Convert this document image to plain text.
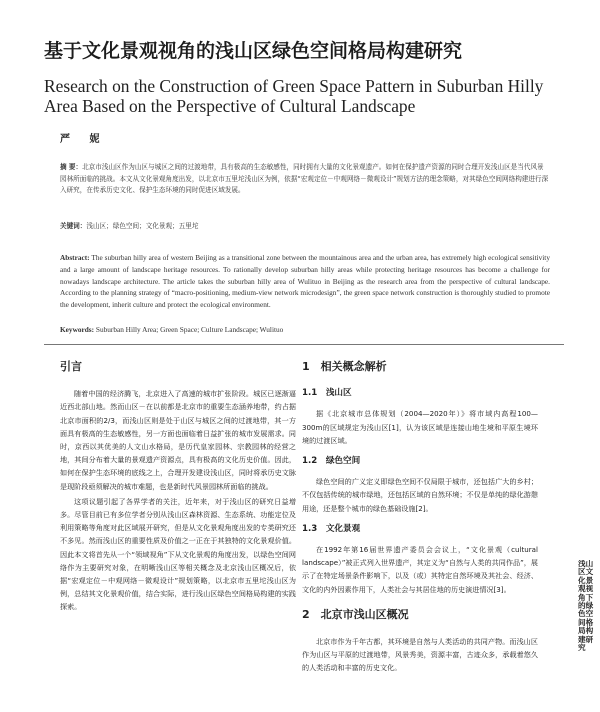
基于文化景观视角的浅山区绿色空间格局构建研究
Research on the Construction of Green Space Pattern in Suburban Hilly Area Based on the Perspective of Cultural Landscape
严 妮
摘 要：北京市浅山区作为山区与城区之间的过渡地带，具有极高的生态敏感性，同时拥有大量的文化景观遗产。如何在保护遗产资源的同时合理开发浅山区是当代风景园林所面临的挑战。本文从文化景观角度出发，以北京市五里坨浅山区为例，依据“宏观定位－中观网络－微观设计”规划方法的理念策略，对其绿色空间网络构建进行深入研究，在传承历史文化、保护生态环境的同时促进区域发展。
关键词：浅山区；绿色空间；文化景观；五里坨
Abstract: The suburban hilly area of western Beijing as a transitional zone between the mountainous area and the urban area, has extremely high ecological sensitivity and a large amount of landscape heritage resources. To rationally develop suburban hilly areas while protecting heritage resources has become a challenge for nowadays landscape architecture. The article takes the suburban hilly area of Wulituo in Beijing as the research area from the perspective of cultural landscape. According to the planning strategy of “macro-positioning, medium-view network microdesign”, the green space network construction is thoroughly studied to promote the development, inherit culture and protect the ecological environment.
Keywords: Suburban Hilly Area; Green Space; Culture Landscape; Wulituo
引言

随着中国的经济腾飞，北京进入了高速的城市扩张阶段。城区已逐渐逼近西北部山地。然而山区－在以前都是北京市的重要生态涵养地带，约占据北京市面积的2/3，而浅山区则是处于山区与城区之间的过渡地带，其一方面具有极高的生态敏感性，另一方面也面临着日益扩张的城市发展需求。同时，京西以其优美的人文山水格局，是历代皇家园林、宗教园林的经营之地，其间分布着大量的景观遗产资源点，具有极高的文化历史价值。因此，如何在保护生态环境的底线之上，合理开发建设浅山区，同时将承历史文脉是现阶段亟须解决的城市难题，也是新时代风景园林所面临的挑战。

这项议题引起了各界学者的关注，近年来，对于浅山区的研究日益增多。尽管目前已有多位学者分别从浅山区森林资源、生态系统、功能定位及利用策略等角度对此区域展开研究，但是从文化景观角度出发的专类研究还不多见。然而浅山区的重要性质及价值之一正在于其独特的文化景观价值。因此本文将首先从一个“领域视角”下从文化景观的角度出发，以绿色空间网络作为主要研究对象，在明晰浅山区等相关概念及北京浅山区概况后，依据“宏观定位－中观网络－微观设计”规划策略，以北京市五里坨浅山区为例，总结其文化景观价值，结合实际，进行浅山区绿色空间格局构建的实践探索。

1　相关概念解析
1.1　浅山区

据《北京城市总体规划（2004—2020年）》将市域内高程100—300m的区域规定为浅山区[1]，认为该区域是连接山地生境和平原生境环境的过渡区域。

1.2　绿色空间

绿色空间的广义定义即绿色空间不仅局限于城市，还包括广大的乡村；不仅包括传统的城市绿地，还包括区域的自然环境；不仅是单纯的绿化游憩用途，还是整个城市的绿色基础设施[2]。

1.3　文化景观

在1992年第16届世界遗产委员会会议上，“文化景观（cultural landscape）”被正式列入世界遗产，其定义为“自然与人类的共同作品”，展示了在特定场景条件影响下，以及（或）其特定自然环境及其社会、经济、文化的内外因素作用下，人类社会与其居住地的历史演进情况[3]。

2　北京市浅山区概况

北京市作为千年古都，其环境是自然与人类活动的共同产物。而浅山区作为山区与平原的过渡地带，风景秀美，资源丰富，古迹众多，承载着悠久的人类活动和丰富的历史文化。

浅山区文化景观视角下的绿色空间格局构建研究
